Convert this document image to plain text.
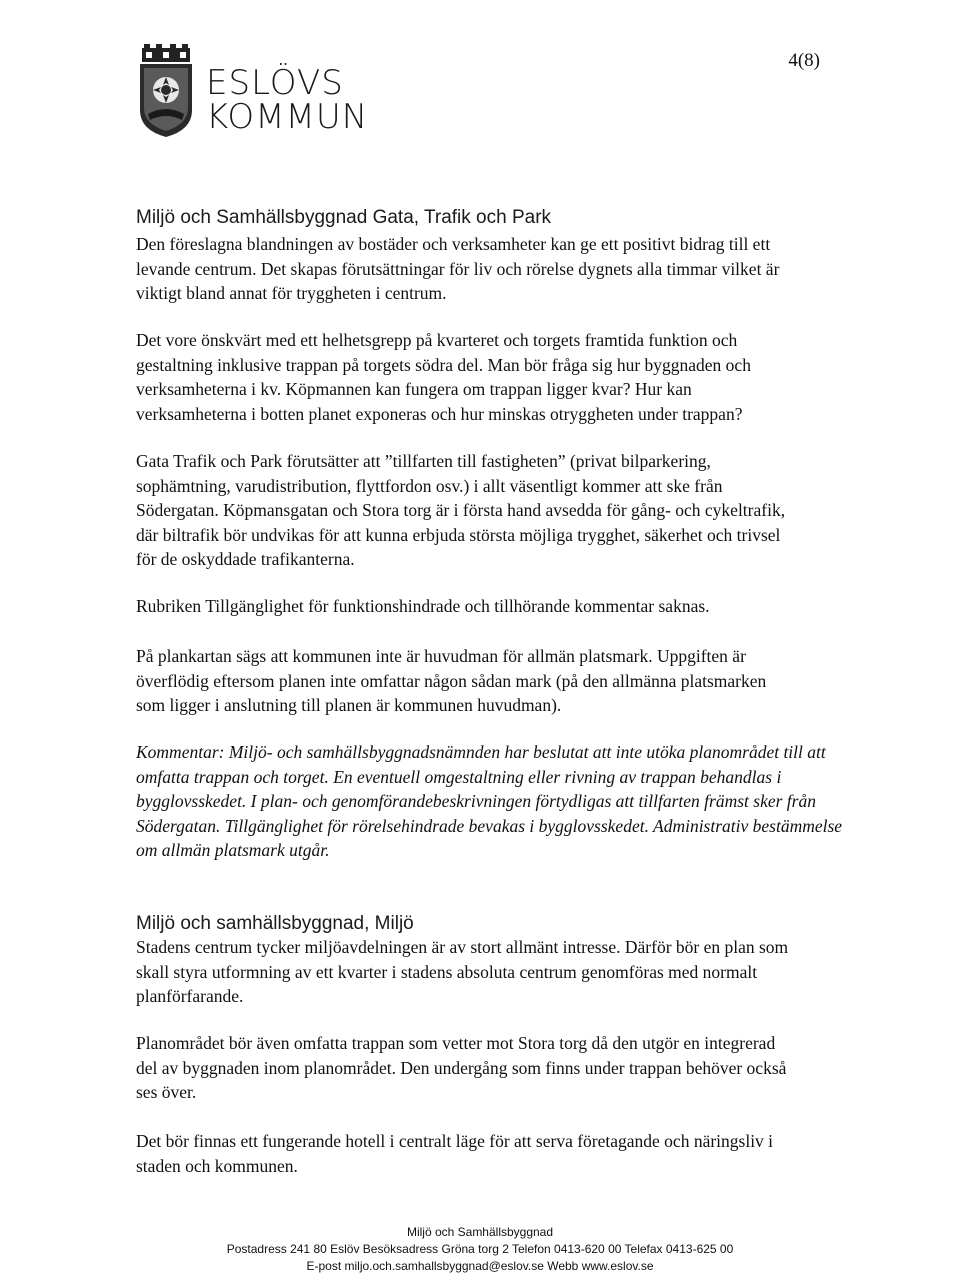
ESLÖVS
KOMMUN
4(8)
Miljö och Samhällsbyggnad Gata, Trafik och Park
Den föreslagna blandningen av bostäder och verksamheter kan ge ett positivt bidrag till ett
levande centrum. Det skapas förutsättningar för liv och rörelse dygnets alla timmar vilket är
viktigt bland annat för tryggheten i centrum.
Det vore önskvärt med ett helhetsgrepp på kvarteret och torgets framtida funktion och
gestaltning inklusive trappan på torgets södra del. Man bör fråga sig hur byggnaden och
verksamheterna i kv. Köpmannen kan fungera om trappan ligger kvar? Hur kan
verksamheterna i botten planet exponeras och hur minskas otryggheten under trappan?
Gata Trafik och Park förutsätter att ”tillfarten till fastigheten” (privat bilparkering,
sophämtning, varudistribution, flyttfordon osv.) i allt väsentligt kommer att ske från
Södergatan. Köpmansgatan och Stora torg är i första hand avsedda för gång- och cykeltrafik,
där biltrafik bör undvikas för att kunna erbjuda största möjliga trygghet, säkerhet och trivsel
för de oskyddade trafikanterna.
Rubriken Tillgänglighet för funktionshindrade och tillhörande kommentar saknas.
På plankartan sägs att kommunen inte är huvudman för allmän platsmark. Uppgiften är
överflödig eftersom planen inte omfattar någon sådan mark (på den allmänna platsmarken
som ligger i anslutning till planen är kommunen huvudman).
Kommentar: Miljö- och samhällsbyggnadsnämnden har beslutat att inte utöka planområdet till att
omfatta trappan och torget. En eventuell omgestaltning eller rivning av trappan behandlas i
bygglovsskedet. I plan- och genomförandebeskrivningen förtydligas att tillfarten främst sker från
Södergatan. Tillgänglighet för rörelsehindrade bevakas i bygglovsskedet. Administrativ bestämmelse
om allmän platsmark utgår.
Miljö och samhällsbyggnad, Miljö
Stadens centrum tycker miljöavdelningen är av stort allmänt intresse. Därför bör en plan som
skall styra utformning av ett kvarter i stadens absoluta centrum genomföras med normalt
planförfarande.
Planområdet bör även omfatta trappan som vetter mot Stora torg då den utgör en integrerad
del av byggnaden inom planområdet. Den undergång som finns under trappan behöver också
ses över.
Det bör finnas ett fungerande hotell i centralt läge för att serva företagande och näringsliv i
staden och kommunen.
Miljö och Samhällsbyggnad
Postadress 241 80 Eslöv Besöksadress Gröna torg 2 Telefon 0413-620 00 Telefax 0413-625 00
E-post miljo.och.samhallsbyggnad@eslov.se Webb www.eslov.se
